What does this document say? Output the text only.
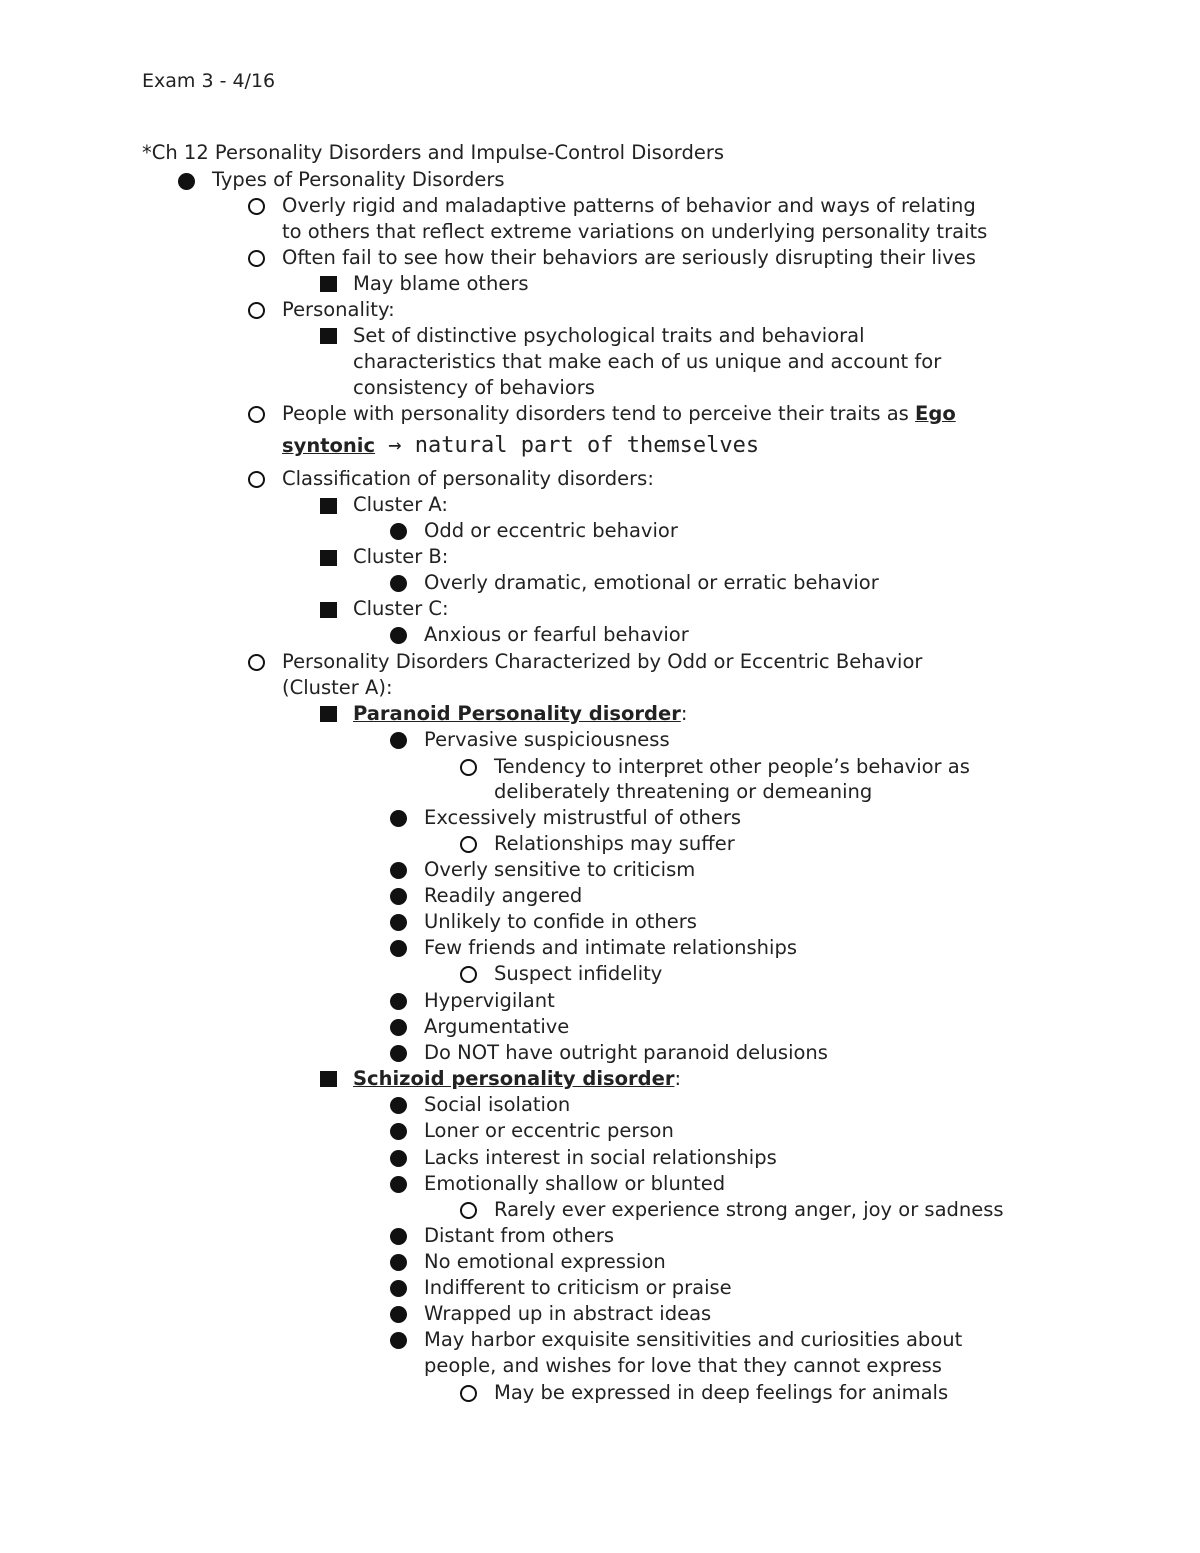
Exam 3 - 4/16
*Ch 12 Personality Disorders and Impulse-Control Disorders
Types of Personality Disorders
Overly rigid and maladaptive patterns of behavior and ways of relating
to others that reflect extreme variations on underlying personality traits
Often fail to see how their behaviors are seriously disrupting their lives
May blame others
Personality:
Set of distinctive psychological traits and behavioral
characteristics that make each of us unique and account for
consistency of behaviors
People with personality disorders tend to perceive their traits as Ego
syntonic → natural part of themselves
Classification of personality disorders:
Cluster A:
Odd or eccentric behavior
Cluster B:
Overly dramatic, emotional or erratic behavior
Cluster C:
Anxious or fearful behavior
Personality Disorders Characterized by Odd or Eccentric Behavior
(Cluster A):
Paranoid Personality disorder:
Pervasive suspiciousness
Tendency to interpret other people’s behavior as
deliberately threatening or demeaning
Excessively mistrustful of others
Relationships may suffer
Overly sensitive to criticism
Readily angered
Unlikely to confide in others
Few friends and intimate relationships
Suspect infidelity
Hypervigilant
Argumentative
Do NOT have outright paranoid delusions
Schizoid personality disorder:
Social isolation
Loner or eccentric person
Lacks interest in social relationships
Emotionally shallow or blunted
Rarely ever experience strong anger, joy or sadness
Distant from others
No emotional expression
Indifferent to criticism or praise
Wrapped up in abstract ideas
May harbor exquisite sensitivities and curiosities about
people, and wishes for love that they cannot express
May be expressed in deep feelings for animals
